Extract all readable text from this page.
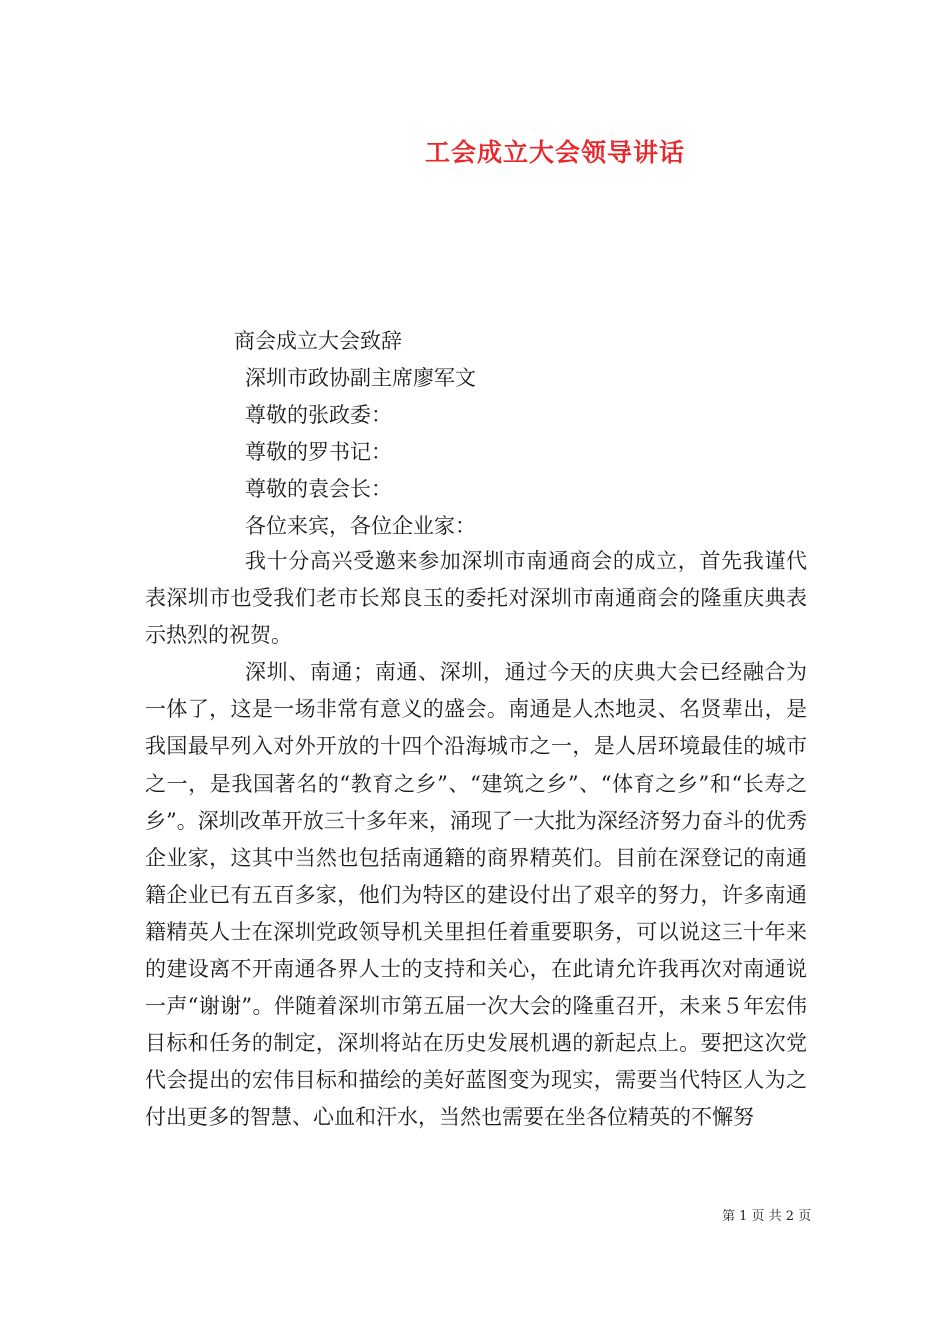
工会成立大会领导讲话
商会成立大会致辞
深圳市政协副主席廖军文
尊敬的张政委：
尊敬的罗书记：
尊敬的袁会长：
各位来宾，各位企业家：

我十分高兴受邀来参加深圳市南通商会的成立，首先我谨代表深圳市也受我们老市长郑良玉的委托对深圳市南通商会的隆重庆典表示热烈的祝贺。

深圳、南通；南通、深圳，通过今天的庆典大会已经融合为一体了，这是一场非常有意义的盛会。南通是人杰地灵、名贤辈出，是我国最早列入对外开放的十四个沿海城市之一，是人居环境最佳的城市之一，是我国著名的“教育之乡”、“建筑之乡”、“体育之乡”和“长寿之乡”。深圳改革开放三十多年来，涌现了一大批为深经济努力奋斗的优秀企业家，这其中当然也包括南通籍的商界精英们。目前在深登记的南通籍企业已有五百多家，他们为特区的建设付出了艰辛的努力，许多南通籍精英人士在深圳党政领导机关里担任着重要职务，可以说这三十年来的建设离不开南通各界人士的支持和关心，在此请允许我再次对南通说一声“谢谢”。伴随着深圳市第五届一次大会的隆重召开，未来５年宏伟目标和任务的制定，深圳将站在历史发展机遇的新起点上。要把这次党代会提出的宏伟目标和描绘的美好蓝图变为现实，需要当代特区人为之付出更多的智慧、心血和汗水，当然也需要在坐各位精英的不懈努

第 1 页 共 2 页
